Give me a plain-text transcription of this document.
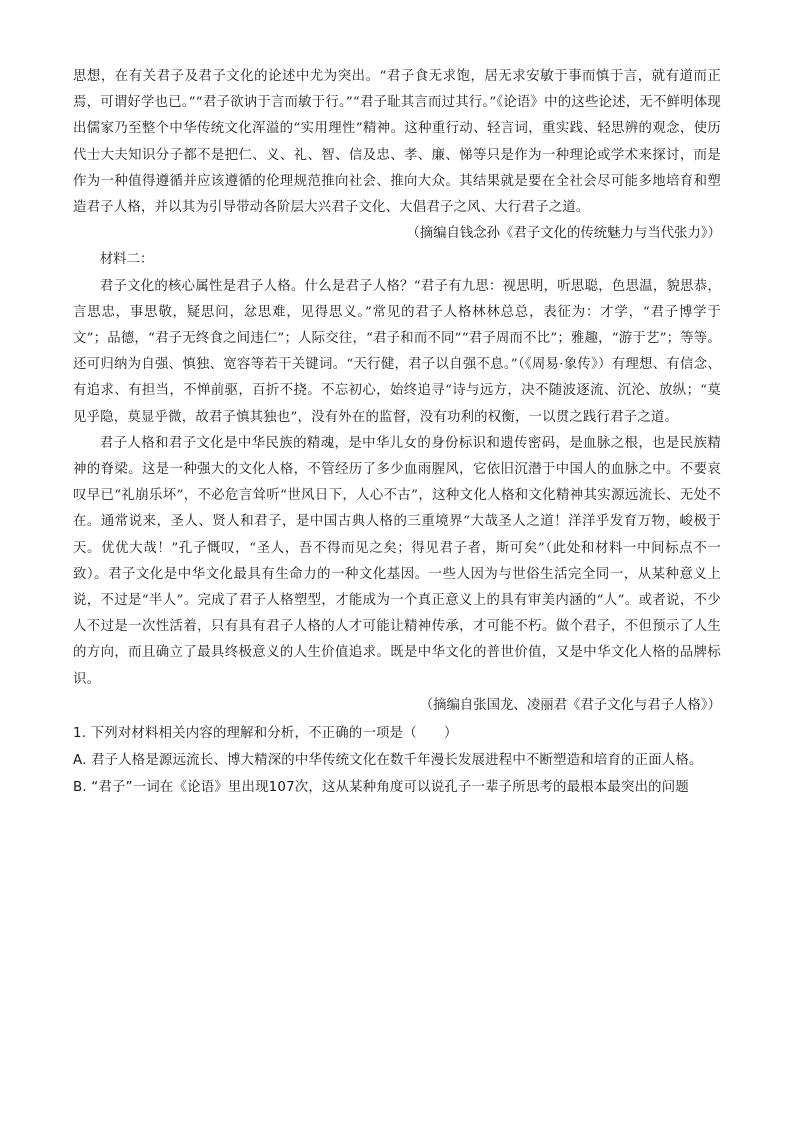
思想，在有关君子及君子文化的论述中尤为突出。“君子食无求饱，居无求安敏于事而慎于言，就有道而正焉，可谓好学也已。”“君子欲讷于言而敏于行。”“君子耻其言而过其行。”《论语》中的这些论述，无不鲜明体现出儒家乃至整个中华传统文化浑溢的“实用理性”精神。这种重行动、轻言词，重实践、轻思辨的观念，使历代士大夫知识分子都不是把仁、义、礼、智、信及忠、孝、廉、悌等只是作为一种理论或学术来探讨，而是作为一种值得遵循并应该遵循的伦理规范推向社会、推向大众。其结果就是要在全社会尽可能多地培育和塑造君子人格，并以其为引导带动各阶层大兴君子文化、大倡君子之风、大行君子之道。

（摘编自钱念孙《君子文化的传统魅力与当代张力》）

材料二：

君子文化的核心属性是君子人格。什么是君子人格？“君子有九思：视思明，听思聪，色思温，貌思恭，言思忠，事思敬，疑思问，忿思难，见得思义。”常见的君子人格林林总总，表征为：才学，“君子博学于文”；品德，“君子无终食之间违仁”；人际交往，“君子和而不同”“君子周而不比”；雅趣，“游于艺”；等等。还可归纳为自强、慎独、宽容等若干关键词。“天行健，君子以自强不息。”（《周易·象传》）有理想、有信念、有追求、有担当，不惮前驱，百折不挠。不忘初心，始终追寻“诗与远方，决不随波逐流、沉沦、放纵；“莫见乎隐，莫显乎微，故君子慎其独也”，没有外在的监督，没有功利的权衡，一以贯之践行君子之道。

君子人格和君子文化是中华民族的精魂，是中华儿女的身份标识和遗传密码，是血脉之根，也是民族精神的脊梁。这是一种强大的文化人格，不管经历了多少血雨腥风，它依旧沉潜于中国人的血脉之中。不要哀叹早已“礼崩乐坏”，不必危言耸听“世风日下，人心不古”，这种文化人格和文化精神其实源远流长、无处不在。通常说来，圣人、贤人和君子，是中国古典人格的三重境界“大哉圣人之道！洋洋乎发育万物，峻极于天。优优大哉！”孔子慨叹，“圣人，吾不得而见之矣；得见君子者，斯可矣”（此处和材料一中间标点不一致）。君子文化是中华文化最具有生命力的一种文化基因。一些人因为与世俗生活完全同一，从某种意义上说，不过是“半人”。完成了君子人格塑型，才能成为一个真正意义上的具有审美内涵的“人”。或者说，不少人不过是一次性活着，只有具有君子人格的人才可能让精神传承，才可能不朽。做个君子，不但预示了人生的方向，而且确立了最具终极意义的人生价值追求。既是中华文化的普世价值，又是中华文化人格的品牌标识。

（摘编自张国龙、凌丽君《君子文化与君子人格》）

1. 下列对材料相关内容的理解和分析，不正确的一项是（　　）

A. 君子人格是源远流长、博大精深的中华传统文化在数千年漫长发展进程中不断塑造和培育的正面人格。

B. “君子”一词在《论语》里出现107次，这从某种角度可以说孔子一辈子所思考的最根本最突出的问题
